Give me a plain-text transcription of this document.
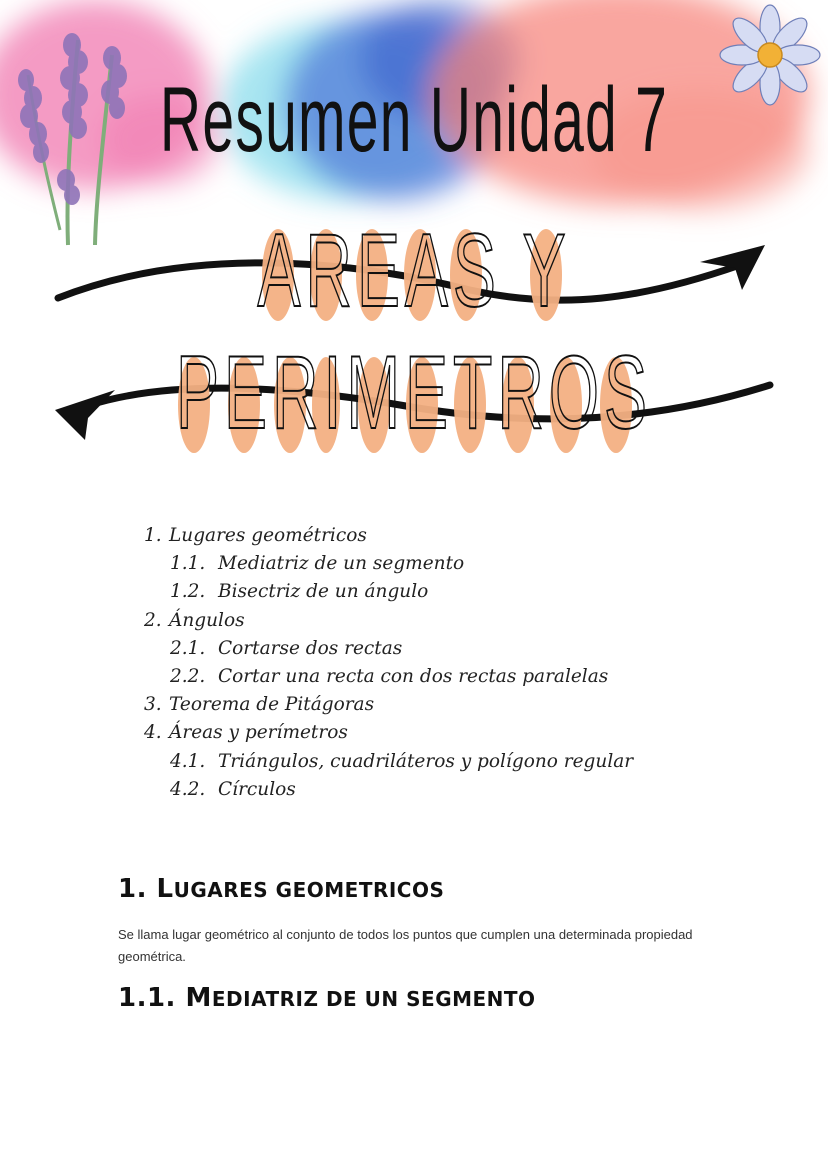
Resumen Unidad 7
AREAS Y
PERIMETROS
1. Lugares geométricos
1.1. Mediatriz de un segmento
1.2. Bisectriz de un ángulo
2. Ángulos
2.1. Cortarse dos rectas
2.2. Cortar una recta con dos rectas paralelas
3. Teorema de Pitágoras
4. Áreas y perímetros
4.1. Triángulos, cuadriláteros y polígono regular
4.2. Círculos
1. LUGARES GEOMETRICOS
Se llama lugar geométrico al conjunto de todos los puntos que cumplen una determinada propiedad geométrica.
1.1. MEDIATRIZ DE UN SEGMENTO
